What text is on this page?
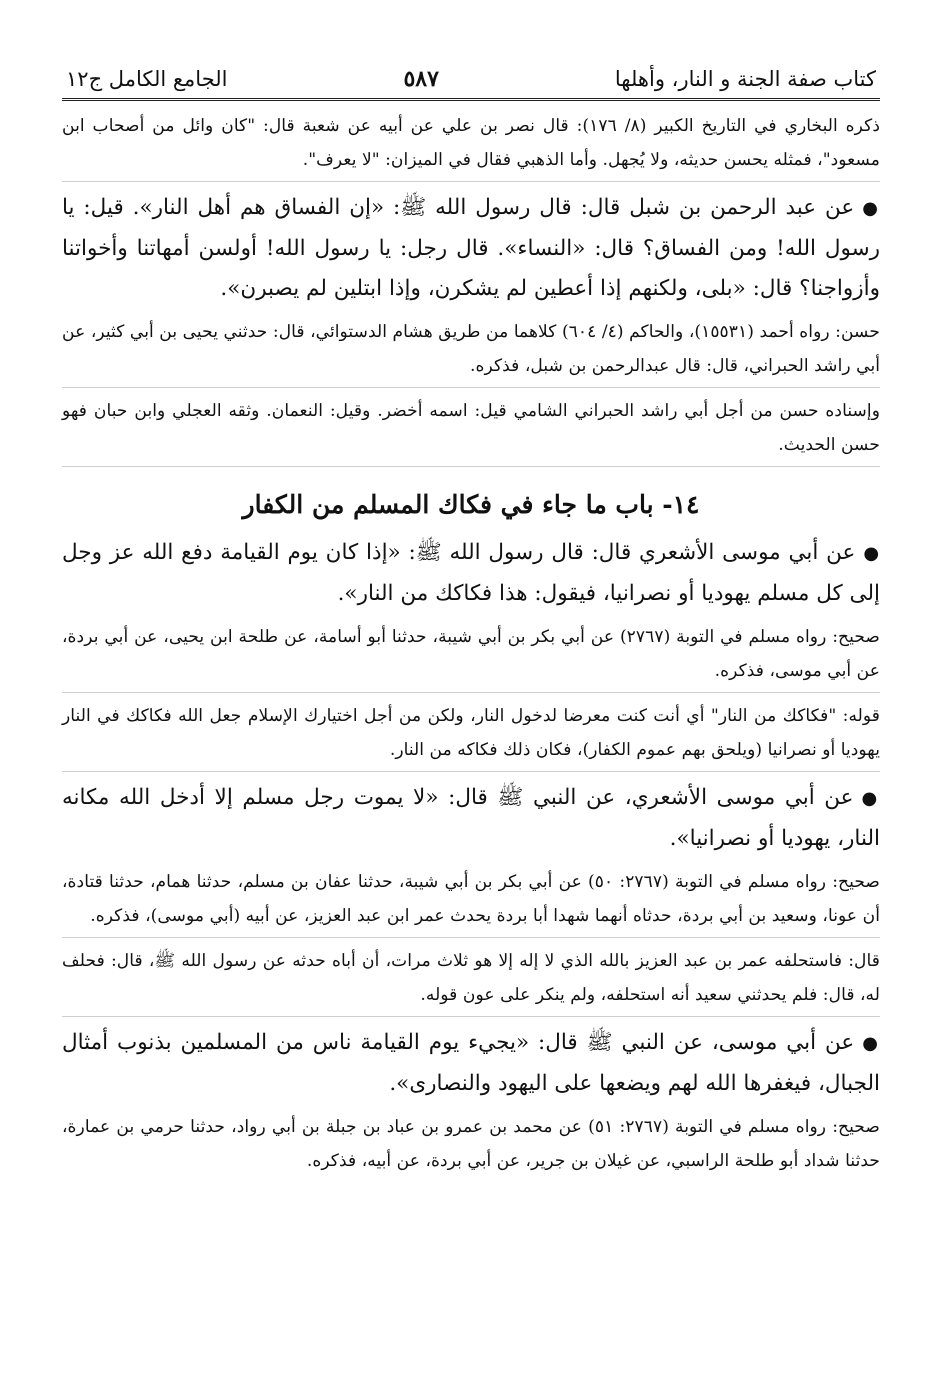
كتاب صفة الجنة و النار، وأهلها
٥٨٧
الجامع الكامل ج١٢

ذكره البخاري في التاريخ الكبير (٨/ ١٧٦): قال نصر بن علي عن أبيه عن شعبة قال: "كان وائل من أصحاب ابن مسعود"، فمثله يحسن حديثه، ولا يُجهل. وأما الذهبي فقال في الميزان: "لا يعرف".

●عن عبد الرحمن بن شبل قال: قال رسول الله ﷺ: «إن الفساق هم أهل النار». قيل: يا رسول الله! ومن الفساق؟ قال: «النساء». قال رجل: يا رسول الله! أولسن أمهاتنا وأخواتنا وأزواجنا؟ قال: «بلى، ولكنهم إذا أعطين لم يشكرن، وإذا ابتلين لم يصبرن».

حسن: رواه أحمد (١٥٥٣١)، والحاكم (٤/ ٦٠٤) كلاهما من طريق هشام الدستوائي، قال: حدثني يحيى بن أبي كثير، عن أبي راشد الحبراني، قال: قال عبدالرحمن بن شبل، فذكره.

وإسناده حسن من أجل أبي راشد الحبراني الشامي قيل: اسمه أخضر. وقيل: النعمان. وثقه العجلي وابن حبان فهو حسن الحديث.

١٤- باب ما جاء في فكاك المسلم من الكفار

●عن أبي موسى الأشعري قال: قال رسول الله ﷺ: «إذا كان يوم القيامة دفع الله عز وجل إلى كل مسلم يهوديا أو نصرانيا، فيقول: هذا فكاكك من النار».

صحيح: رواه مسلم في التوبة (٢٧٦٧) عن أبي بكر بن أبي شيبة، حدثنا أبو أسامة، عن طلحة ابن يحيى، عن أبي بردة، عن أبي موسى، فذكره.

قوله: "فكاكك من النار" أي أنت كنت معرضا لدخول النار، ولكن من أجل اختيارك الإسلام جعل الله فكاكك في النار يهوديا أو نصرانيا (ويلحق بهم عموم الكفار)، فكان ذلك فكاكه من النار.

●عن أبي موسى الأشعري، عن النبي ﷺ قال: «لا يموت رجل مسلم إلا أدخل الله مكانه النار، يهوديا أو نصرانيا».

صحيح: رواه مسلم في التوبة (٢٧٦٧: ٥٠) عن أبي بكر بن أبي شيبة، حدثنا عفان بن مسلم، حدثنا همام، حدثنا قتادة، أن عونا، وسعيد بن أبي بردة، حدثاه أنهما شهدا أبا بردة يحدث عمر ابن عبد العزيز، عن أبيه (أبي موسى)، فذكره.

قال: فاستحلفه عمر بن عبد العزيز بالله الذي لا إله إلا هو ثلاث مرات، أن أباه حدثه عن رسول الله ﷺ، قال: فحلف له، قال: فلم يحدثني سعيد أنه استحلفه، ولم ينكر على عون قوله.

●عن أبي موسى، عن النبي ﷺ قال: «يجيء يوم القيامة ناس من المسلمين بذنوب أمثال الجبال، فيغفرها الله لهم ويضعها على اليهود والنصارى».

صحيح: رواه مسلم في التوبة (٢٧٦٧: ٥١) عن محمد بن عمرو بن عباد بن جبلة بن أبي رواد، حدثنا حرمي بن عمارة، حدثنا شداد أبو طلحة الراسبي، عن غيلان بن جرير، عن أبي بردة، عن أبيه، فذكره.
